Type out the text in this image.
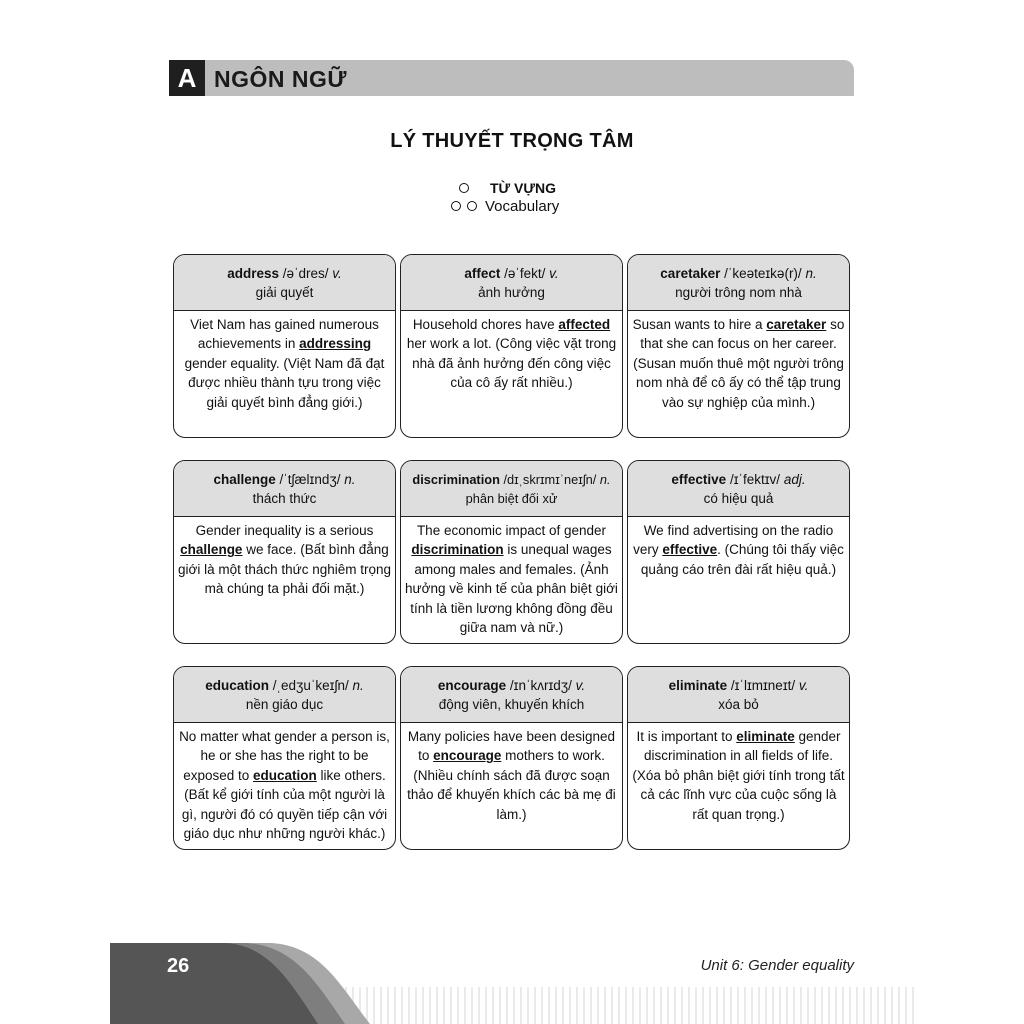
A NGÔN NGỮ
LÝ THUYẾT TRỌNG TÂM
TỪ VỰNG
Vocabulary
address /əˈdres/ v.
giải quyết
Viet Nam has gained numerous achievements in addressing gender equality. (Việt Nam đã đạt được nhiều thành tựu trong việc giải quyết bình đẳng giới.)
affect /əˈfekt/ v.
ảnh hưởng
Household chores have affected her work a lot. (Công việc vặt trong nhà đã ảnh hưởng đến công việc của cô ấy rất nhiều.)
caretaker /ˈkeəteɪkə(r)/ n.
người trông nom nhà
Susan wants to hire a caretaker so that she can focus on her career. (Susan muốn thuê một người trông nom nhà để cô ấy có thể tập trung vào sự nghiệp của mình.)
challenge /ˈtʃælɪndʒ/ n.
thách thức
Gender inequality is a serious challenge we face. (Bất bình đẳng giới là một thách thức nghiêm trọng mà chúng ta phải đối mặt.)
discrimination /dɪˌskrɪmɪˈneɪʃn/ n.
phân biệt đối xử
The economic impact of gender discrimination is unequal wages among males and females. (Ảnh hưởng về kinh tế của phân biệt giới tính là tiền lương không đồng đều giữa nam và nữ.)
effective /ɪˈfektɪv/ adj.
có hiệu quả
We find advertising on the radio very effective. (Chúng tôi thấy việc quảng cáo trên đài rất hiệu quả.)
education /ˌedʒuˈkeɪʃn/ n.
nền giáo dục
No matter what gender a person is, he or she has the right to be exposed to education like others. (Bất kể giới tính của một người là gì, người đó có quyền tiếp cận với giáo dục như những người khác.)
encourage /ɪnˈkʌrɪdʒ/ v.
động viên, khuyến khích
Many policies have been designed to encourage mothers to work. (Nhiều chính sách đã được soạn thảo để khuyến khích các bà mẹ đi làm.)
eliminate /ɪˈlɪmɪneɪt/ v.
xóa bỏ
It is important to eliminate gender discrimination in all fields of life. (Xóa bỏ phân biệt giới tính trong tất cả các lĩnh vực của cuộc sống là rất quan trọng.)
26	Unit 6: Gender equality
